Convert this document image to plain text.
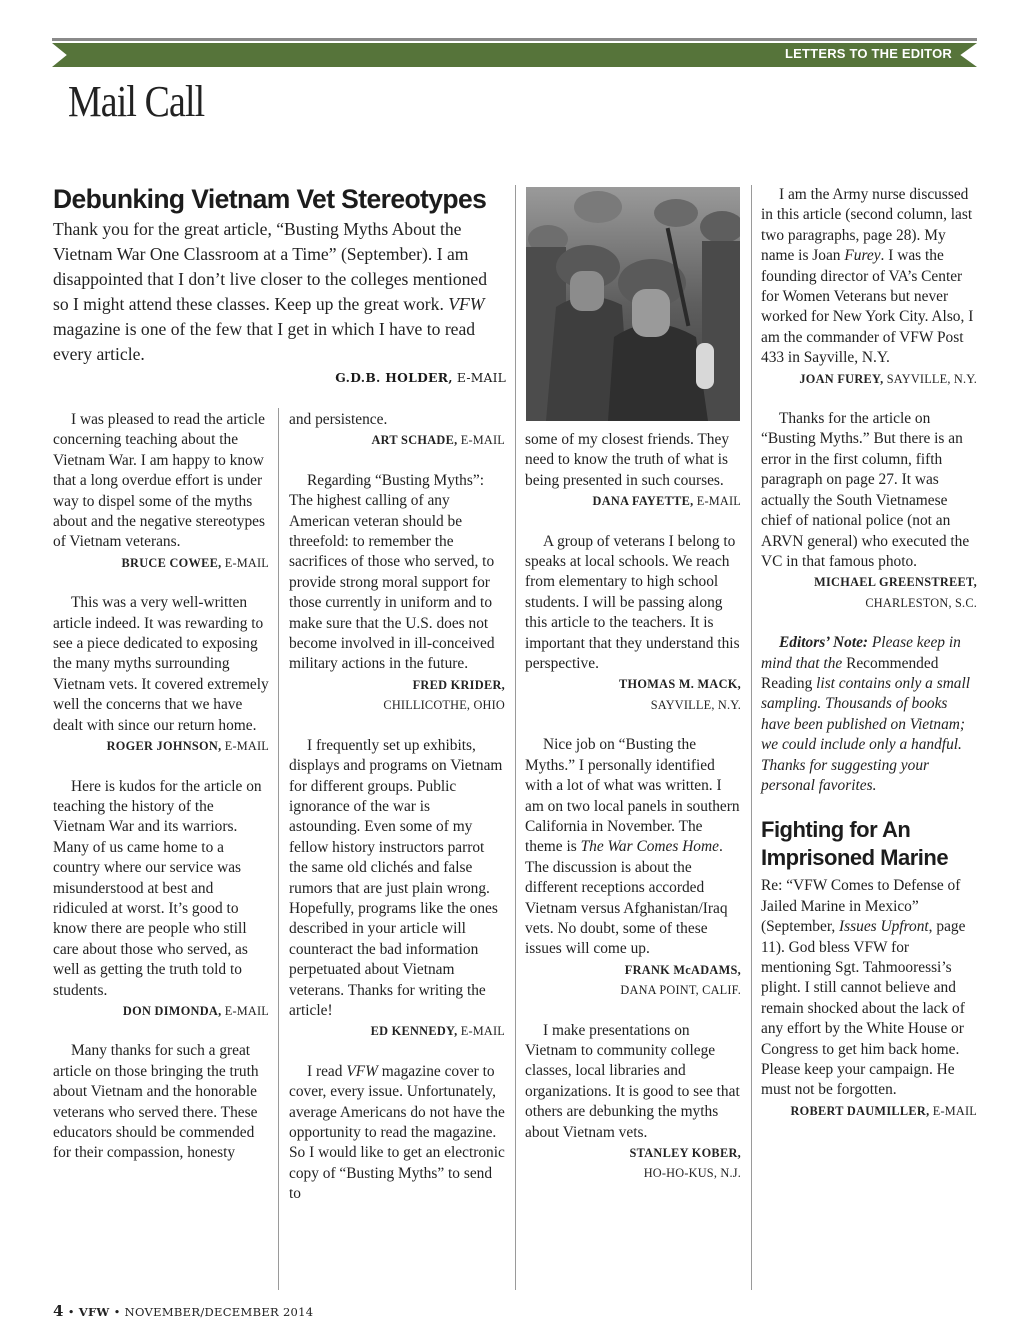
LETTERS TO THE EDITOR
Mail Call
Debunking Vietnam Vet Stereotypes

Thank you for the great article, “Busting Myths About the Vietnam War One Classroom at a Time” (September). I am disappointed that I don’t live closer to the colleges mentioned so I might attend these classes. Keep up the great work. VFW magazine is one of the few that I get in which I have to read every article.

G.D.B. HOLDER, E-MAIL

I was pleased to read the article concerning teaching about the Vietnam War. I am happy to know that a long overdue effort is under way to dispel some of the myths about and the negative stereotypes of Vietnam veterans.

BRUCE COWEE, E-MAIL

This was a very well-written article indeed. It was rewarding to see a piece dedicated to exposing the many myths surrounding Vietnam vets. It covered extremely well the concerns that we have dealt with since our return home.

ROGER JOHNSON, E-MAIL

Here is kudos for the article on teaching the history of the Vietnam War and its warriors. Many of us came home to a country where our service was misunderstood at best and ridiculed at worst. It’s good to know there are people who still care about those who served, as well as getting the truth told to students.

DON DIMONDA, E-MAIL

Many thanks for such a great article on those bringing the truth about Vietnam and the honorable veterans who served there. These educators should be commended for their compassion, honesty

and persistence.

ART SCHADE, E-MAIL

Regarding “Busting Myths”: The highest calling of any American veteran should be threefold: to remember the sacrifices of those who served, to provide strong moral support for those currently in uniform and to make sure that the U.S. does not become involved in ill-conceived military actions in the future.

FRED KRIDER,
CHILLICOTHE, OHIO

I frequently set up exhibits, displays and programs on Vietnam for different groups. Public ignorance of the war is astounding. Even some of my fellow history instructors parrot the same old clichés and false rumors that are just plain wrong. Hopefully, programs like the ones described in your article will counteract the bad information perpetuated about Vietnam veterans. Thanks for writing the article!

ED KENNEDY, E-MAIL

I read VFW magazine cover to cover, every issue. Unfortunately, average Americans do not have the opportunity to read the magazine. So I would like to get an electronic copy of “Busting Myths” to send to

some of my closest friends. They need to know the truth of what is being presented in such courses.

DANA FAYETTE, E-MAIL

A group of veterans I belong to speaks at local schools. We reach from elementary to high school students. I will be passing along this article to the teachers. It is important that they understand this perspective.

THOMAS M. MACK,
SAYVILLE, N.Y.

Nice job on “Busting the Myths.” I personally identified with a lot of what was written. I am on two local panels in southern California in November. The theme is The War Comes Home. The discussion is about the different receptions accorded Vietnam versus Afghanistan/Iraq vets. No doubt, some of these issues will come up.

FRANK McADAMS,
DANA POINT, CALIF.

I make presentations on Vietnam to community college classes, local libraries and organizations. It is good to see that others are debunking the myths about Vietnam vets.

STANLEY KOBER,
HO-HO-KUS, N.J.

I am the Army nurse discussed in this article (second column, last two paragraphs, page 28). My name is Joan Furey. I was the founding director of VA’s Center for Women Veterans but never worked for New York City. Also, I am the commander of VFW Post 433 in Sayville, N.Y.

JOAN FUREY, SAYVILLE, N.Y.

Thanks for the article on “Busting Myths.” But there is an error in the first column, fifth paragraph on page 27. It was actually the South Vietnamese chief of national police (not an ARVN general) who executed the VC in that famous photo.

MICHAEL GREENSTREET,
CHARLESTON, S.C.

Editors’ Note: Please keep in mind that the Recommended Reading list contains only a small sampling. Thousands of books have been published on Vietnam; we could include only a handful. Thanks for suggesting your personal favorites.

Fighting for An Imprisoned Marine

Re: “VFW Comes to Defense of Jailed Marine in Mexico” (September, Issues Upfront, page 11). God bless VFW for mentioning Sgt. Tahmooressi’s plight. I still cannot believe and remain shocked about the lack of any effort by the White House or Congress to get him back home. Please keep your campaign. He must not be forgotten.

ROBERT DAUMILLER, E-MAIL
4 • VFW • NOVEMBER/DECEMBER 2014
